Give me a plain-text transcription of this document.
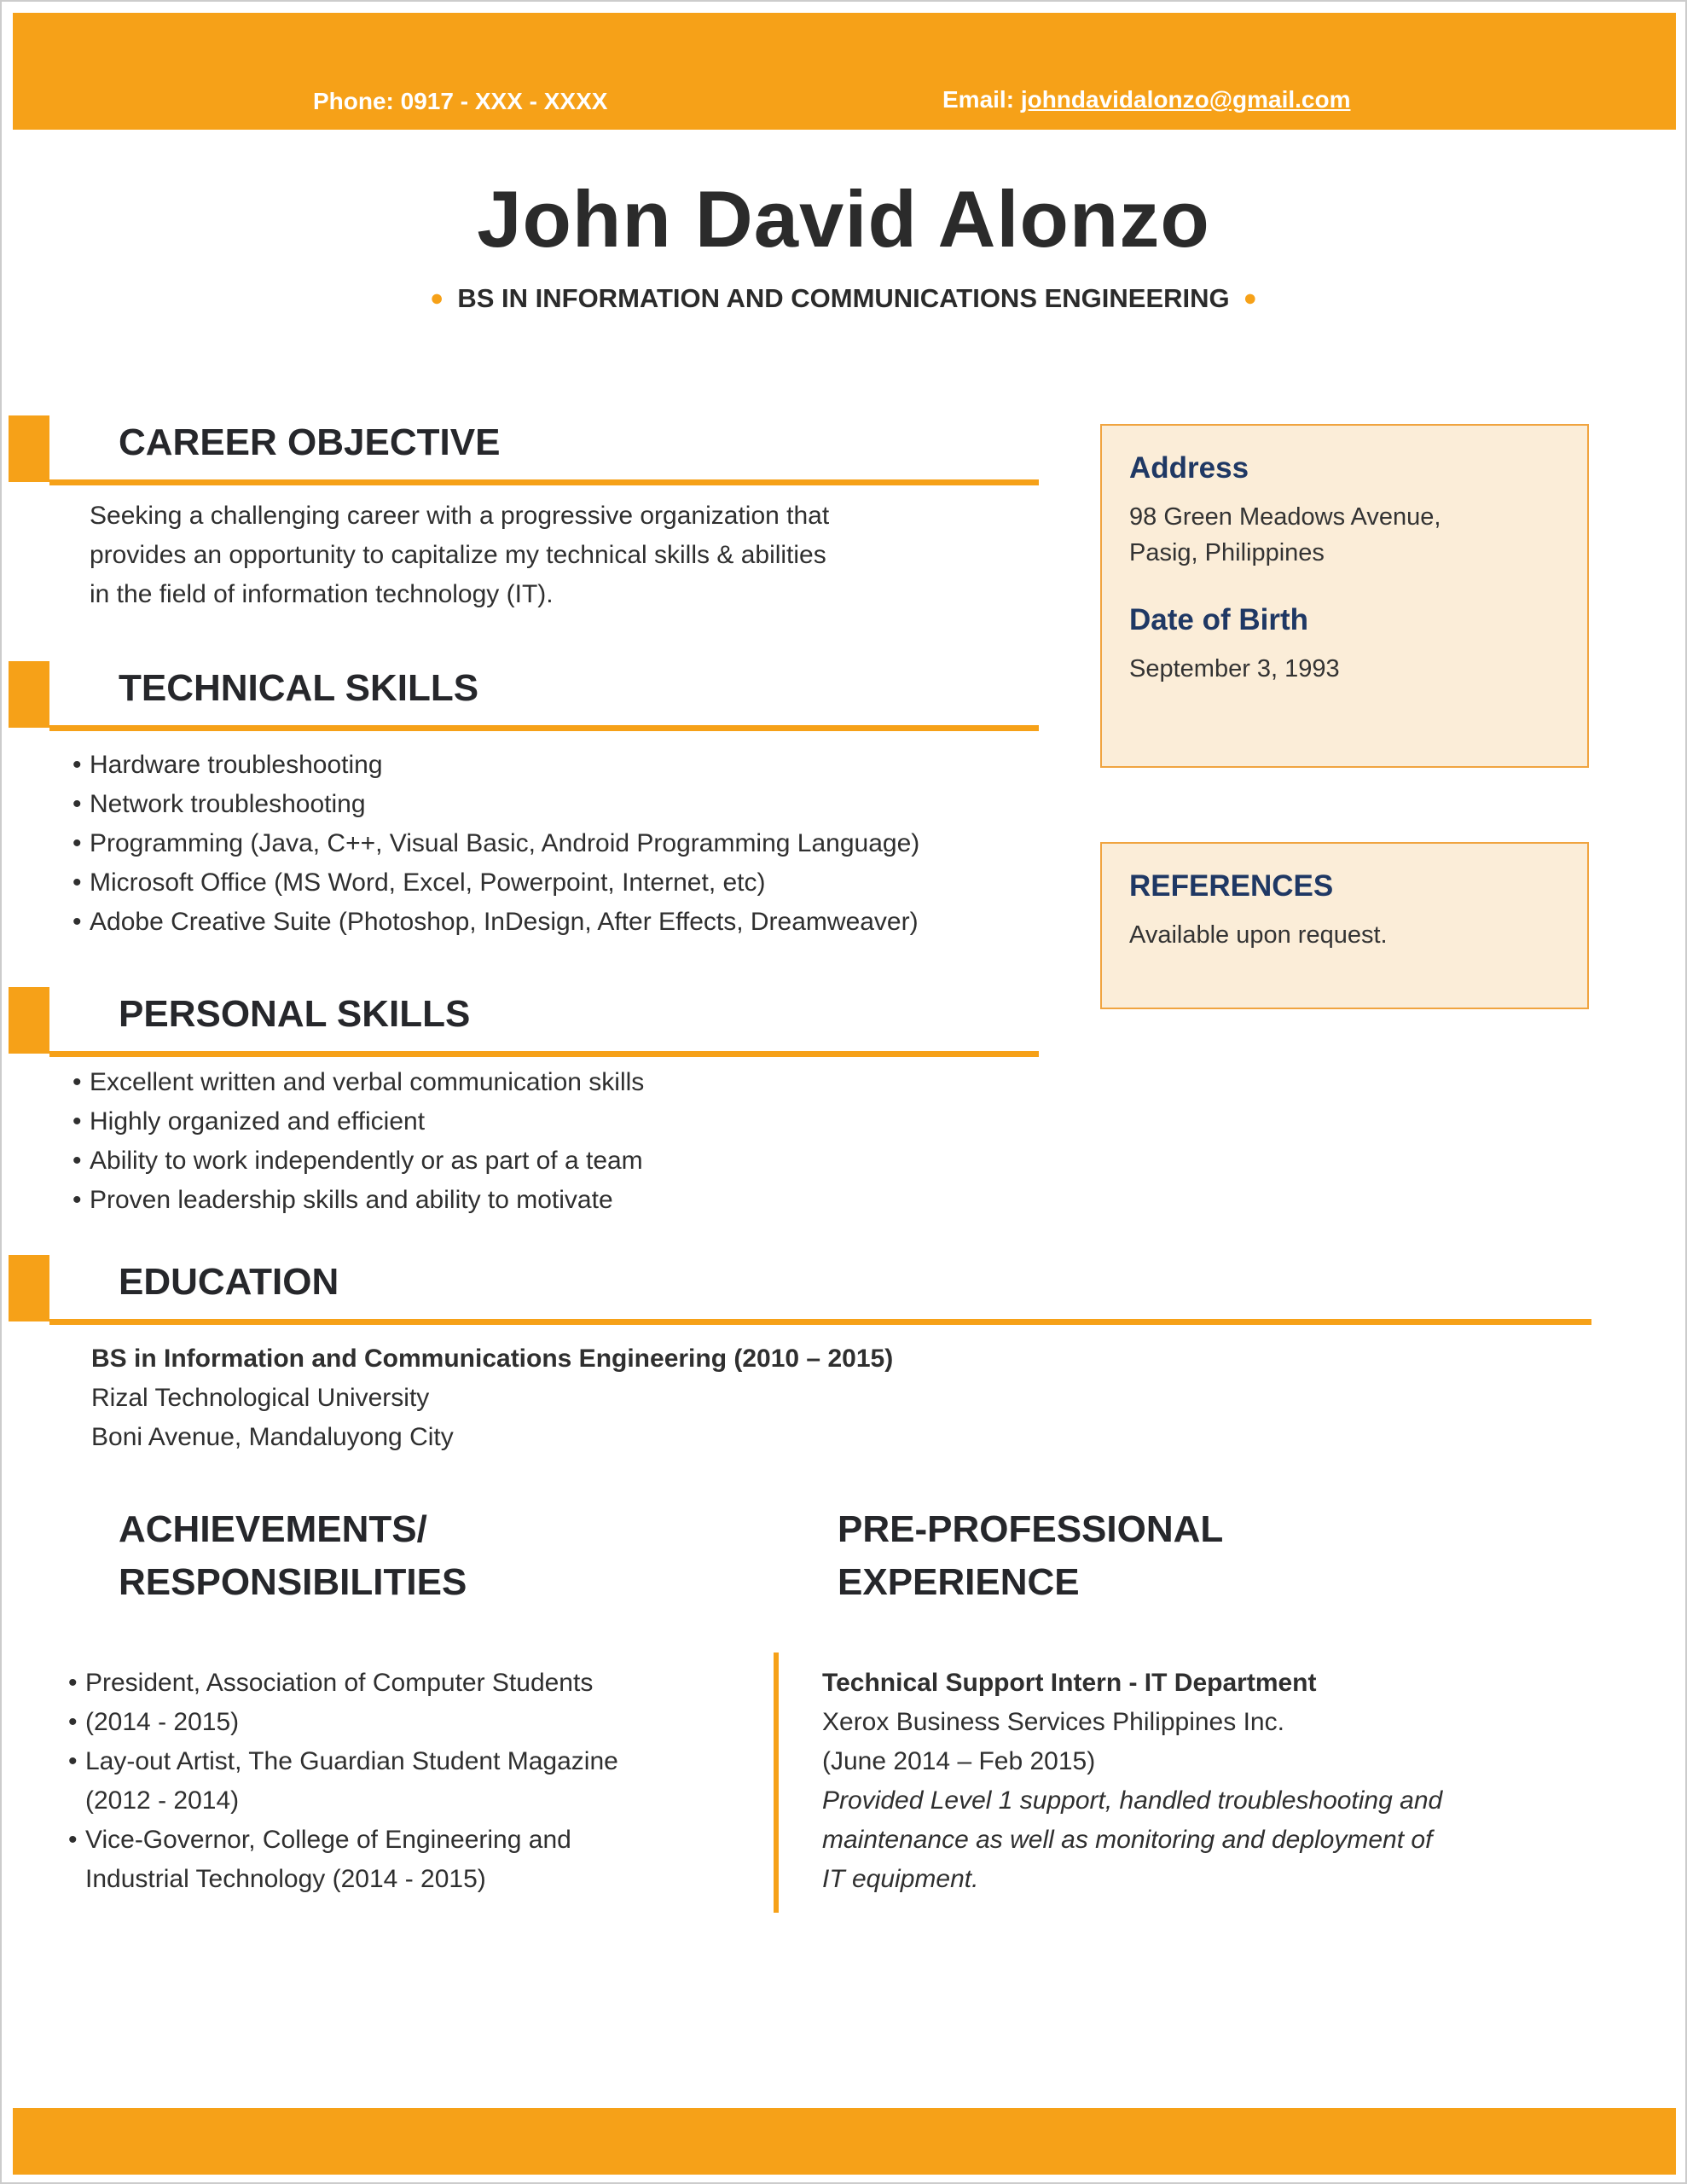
Phone: 0917 - XXX - XXXX	Email: johndavidalonzo@gmail.com
John David Alonzo
● BS IN INFORMATION AND COMMUNICATIONS ENGINEERING ●
CAREER OBJECTIVE
Seeking a challenging career with a progressive organization that
provides an opportunity to capitalize my technical skills & abilities
in the field of information technology (IT).
TECHNICAL SKILLS
• Hardware troubleshooting
• Network troubleshooting
• Programming (Java, C++, Visual Basic, Android Programming Language)
• Microsoft Office (MS Word, Excel, Powerpoint, Internet, etc)
• Adobe Creative Suite (Photoshop, InDesign, After Effects, Dreamweaver)
PERSONAL SKILLS
• Excellent written and verbal communication skills
• Highly organized and efficient
• Ability to work independently or as part of a team
• Proven leadership skills and ability to motivate
EDUCATION
BS in Information and Communications Engineering (2010 – 2015)
Rizal Technological University
Boni Avenue, Mandaluyong City
Address
98 Green Meadows Avenue,
Pasig, Philippines
Date of Birth
September 3, 1993
REFERENCES
Available upon request.
ACHIEVEMENTS/
RESPONSIBILITIES
• President, Association of Computer Students
• (2014 - 2015)
• Lay-out Artist, The Guardian Student Magazine
(2012 - 2014)
• Vice-Governor, College of Engineering and
Industrial Technology (2014 - 2015)
PRE-PROFESSIONAL
EXPERIENCE
Technical Support Intern - IT Department
Xerox Business Services Philippines Inc.
(June 2014 – Feb 2015)
Provided Level 1 support, handled troubleshooting and
maintenance as well as monitoring and deployment of
IT equipment.
